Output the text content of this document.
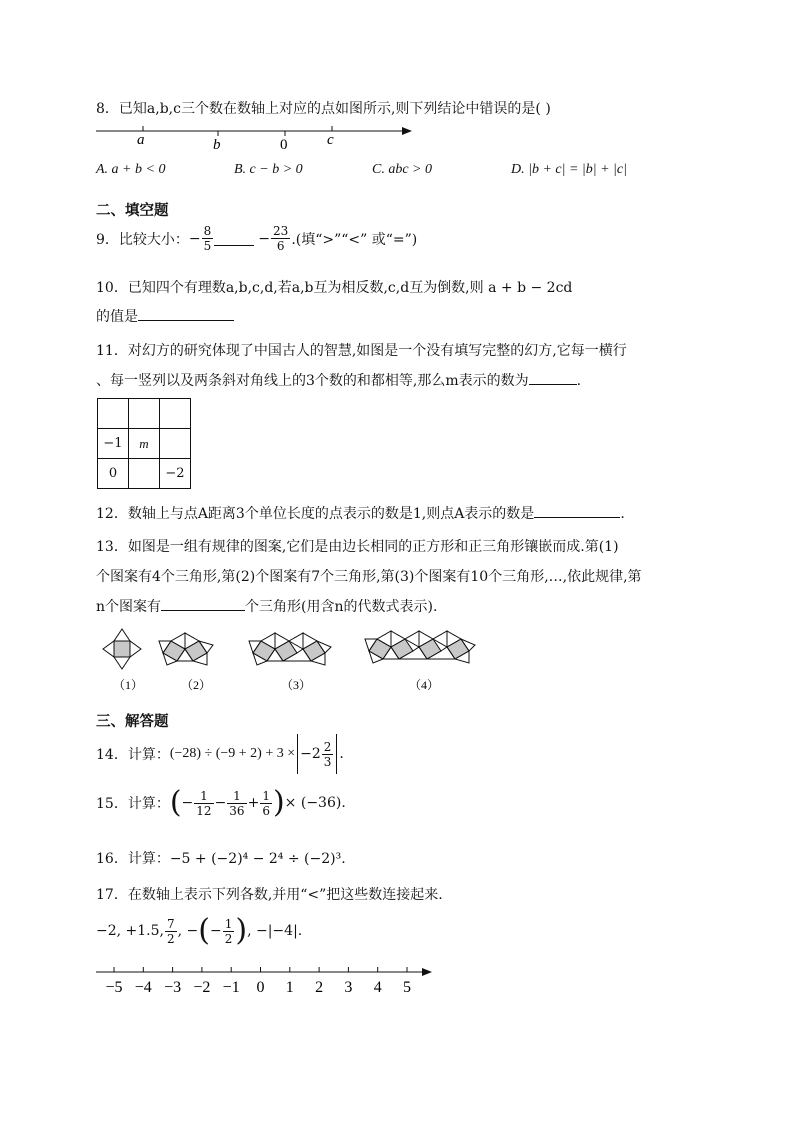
8．已知a,b,c三个数在数轴上对应的点如图所示,则下列结论中错误的是( )
a	b	0	c
A. a + b < 0	B. c − b > 0	C. abc > 0	D. |b + c| = |b| + |c|
二、填空题
9．比较大小： − $\frac{8}{5}$	− $\frac{23}{6}$ .(填“>”“<” 或“=”)
10．已知四个有理数a,b,c,d,若a,b互为相反数,c,d互为倒数,则 a + b − 2cd
的值是
11．对幻方的研究体现了中国古人的智慧,如图是一个没有填写完整的幻方,它每一横行
、每一竖列以及两条斜对角线上的3个数的和都相等,那么m表示的数为	.

−1	m	
0		−2
12．数轴上与点A距离3个单位长度的点表示的数是1,则点A表示的数是	.
13．如图是一组有规律的图案,它们是由边长相同的正方形和正三角形镶嵌而成.第(1)
个图案有4个三角形,第(2)个图案有7个三角形,第(3)个图案有10个三角形,…,依此规律,第
n个图案有	个三角形(用含n的代数式表示).
（1）	（2）	（3）	（4）
三、解答题
14．计算： $(-28) \div (-9 + 2) + 3 \times -2 \frac{2}{3}$ .
15．计算： ( − $\frac{1}{12} - \frac{1}{36} + \frac{1}{6}$ ) × (−36).
16．计算：−5 + (−2)⁴ − 2⁴ ÷ (−2)³.
17．在数轴上表示下列各数,并用“<”把这些数连接起来.
−2, +1.5, $\frac{7}{2}$ , − ( − $\frac{1}{2}$ ) , −|−4|.
−5 −4 −3 −2 −1 0 1 2 3 4 5
